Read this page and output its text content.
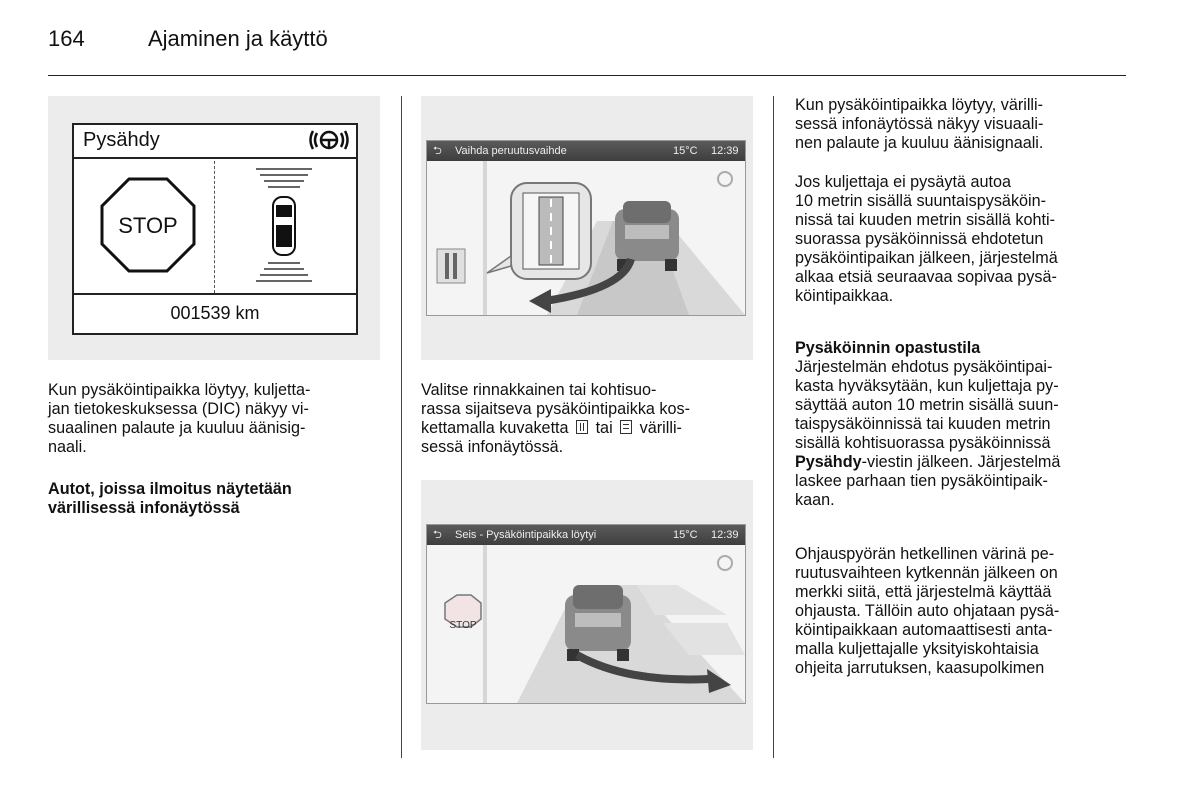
164	Ajaminen ja käyttö
Pysähdy
STOP
001539 km
Kun pysäköintipaikka löytyy, kuljetta-
jan tietokeskuksessa (DIC) näkyy vi-
suaalinen palaute ja kuuluu äänisig-
naali.
Autot, joissa ilmoitus näytetään
värillisessä infonäytössä
⮌ Vaihda peruutusvaihde	15°C 12:39
Valitse rinnakkainen tai kohtisuo-
rassa sijaitseva pysäköintipaikka kos-
kettamalla kuvaketta tai värilli-
sessä infonäytössä.
⮌ Seis - Pysäköintipaikka löytyi	15°C 12:39
STOP
Kun pysäköintipaikka löytyy, värilli-
sessä infonäytössä näkyy visuaali-
nen palaute ja kuuluu äänisignaali.
Jos kuljettaja ei pysäytä autoa
10 metrin sisällä suuntaispysäköin-
nissä tai kuuden metrin sisällä kohti-
suorassa pysäköinnissä ehdotetun
pysäköintipaikan jälkeen, järjestelmä
alkaa etsiä seuraavaa sopivaa pysä-
köintipaikkaa.
Pysäköinnin opastustila
Järjestelmän ehdotus pysäköintipai-
kasta hyväksytään, kun kuljettaja py-
säyttää auton 10 metrin sisällä suun-
taispysäköinnissä tai kuuden metrin
sisällä kohtisuorassa pysäköinnissä
Pysähdy-viestin jälkeen. Järjestelmä
laskee parhaan tien pysäköintipaik-
kaan.
Ohjauspyörän hetkellinen värinä pe-
ruutusvaihteen kytkennän jälkeen on
merkki siitä, että järjestelmä käyttää
ohjausta. Tällöin auto ohjataan pysä-
köintipaikkaan automaattisesti anta-
malla kuljettajalle yksityiskohtaisia
ohjeita jarrutuksen, kaasupolkimen
